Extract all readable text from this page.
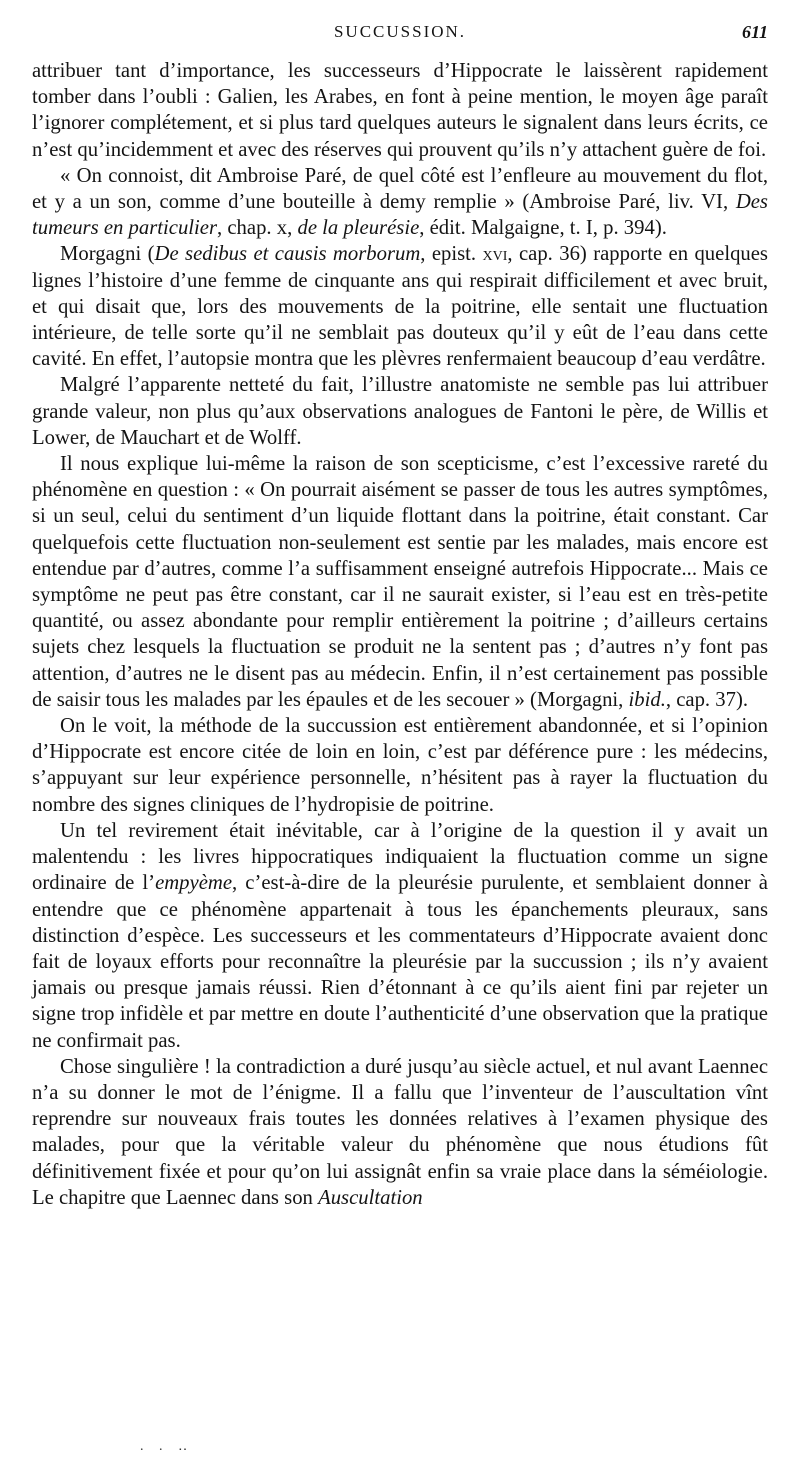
SUCCUSSION.	611

attribuer tant d’importance, les successeurs d’Hippocrate le laissèrent rapidement tomber dans l’oubli : Galien, les Arabes, en font à peine mention, le moyen âge paraît l’ignorer complétement, et si plus tard quelques auteurs le signalent dans leurs écrits, ce n’est qu’incidemment et avec des réserves qui prouvent qu’ils n’y attachent guère de foi.

« On connoist, dit Ambroise Paré, de quel côté est l’enfleure au mouvement du flot, et y a un son, comme d’une bouteille à demy remplie » (Ambroise Paré, liv. VI, Des tumeurs en particulier, chap. x, de la pleurésie, édit. Malgaigne, t. I, p. 394).

Morgagni (De sedibus et causis morborum, epist. xvi, cap. 36) rapporte en quelques lignes l’histoire d’une femme de cinquante ans qui respirait difficilement et avec bruit, et qui disait que, lors des mouvements de la poitrine, elle sentait une fluctuation intérieure, de telle sorte qu’il ne semblait pas douteux qu’il y eût de l’eau dans cette cavité. En effet, l’autopsie montra que les plèvres renfermaient beaucoup d’eau verdâtre.

Malgré l’apparente netteté du fait, l’illustre anatomiste ne semble pas lui attribuer grande valeur, non plus qu’aux observations analogues de Fantoni le père, de Willis et Lower, de Mauchart et de Wolff.

Il nous explique lui-même la raison de son scepticisme, c’est l’excessive rareté du phénomène en question : « On pourrait aisément se passer de tous les autres symptômes, si un seul, celui du sentiment d’un liquide flottant dans la poitrine, était constant. Car quelquefois cette fluctuation non-seulement est sentie par les malades, mais encore est entendue par d’autres, comme l’a suffisamment enseigné autrefois Hippocrate... Mais ce symptôme ne peut pas être constant, car il ne saurait exister, si l’eau est en très-petite quantité, ou assez abondante pour remplir entièrement la poitrine ; d’ailleurs certains sujets chez lesquels la fluctuation se produit ne la sentent pas ; d’autres n’y font pas attention, d’autres ne le disent pas au médecin. Enfin, il n’est certainement pas possible de saisir tous les malades par les épaules et de les secouer » (Morgagni, ibid., cap. 37).

On le voit, la méthode de la succussion est entièrement abandonnée, et si l’opinion d’Hippocrate est encore citée de loin en loin, c’est par déférence pure : les médecins, s’appuyant sur leur expérience personnelle, n’hésitent pas à rayer la fluctuation du nombre des signes cliniques de l’hydropisie de poitrine.

Un tel revirement était inévitable, car à l’origine de la question il y avait un malentendu : les livres hippocratiques indiquaient la fluctuation comme un signe ordinaire de l’empyème, c’est-à-dire de la pleurésie purulente, et semblaient donner à entendre que ce phénomène appartenait à tous les épanchements pleuraux, sans distinction d’espèce. Les successeurs et les commentateurs d’Hippocrate avaient donc fait de loyaux efforts pour reconnaître la pleurésie par la succussion ; ils n’y avaient jamais ou presque jamais réussi. Rien d’étonnant à ce qu’ils aient fini par rejeter un signe trop infidèle et par mettre en doute l’authenticité d’une observation que la pratique ne confirmait pas.

Chose singulière ! la contradiction a duré jusqu’au siècle actuel, et nul avant Laennec n’a su donner le mot de l’énigme. Il a fallu que l’inventeur de l’auscultation vînt reprendre sur nouveaux frais toutes les données relatives à l’examen physique des malades, pour que la véritable valeur du phénomène que nous étudions fût définitivement fixée et pour qu’on lui assignât enfin sa vraie place dans la séméiologie. Le chapitre que Laennec dans son Auscultation

. . ‥
